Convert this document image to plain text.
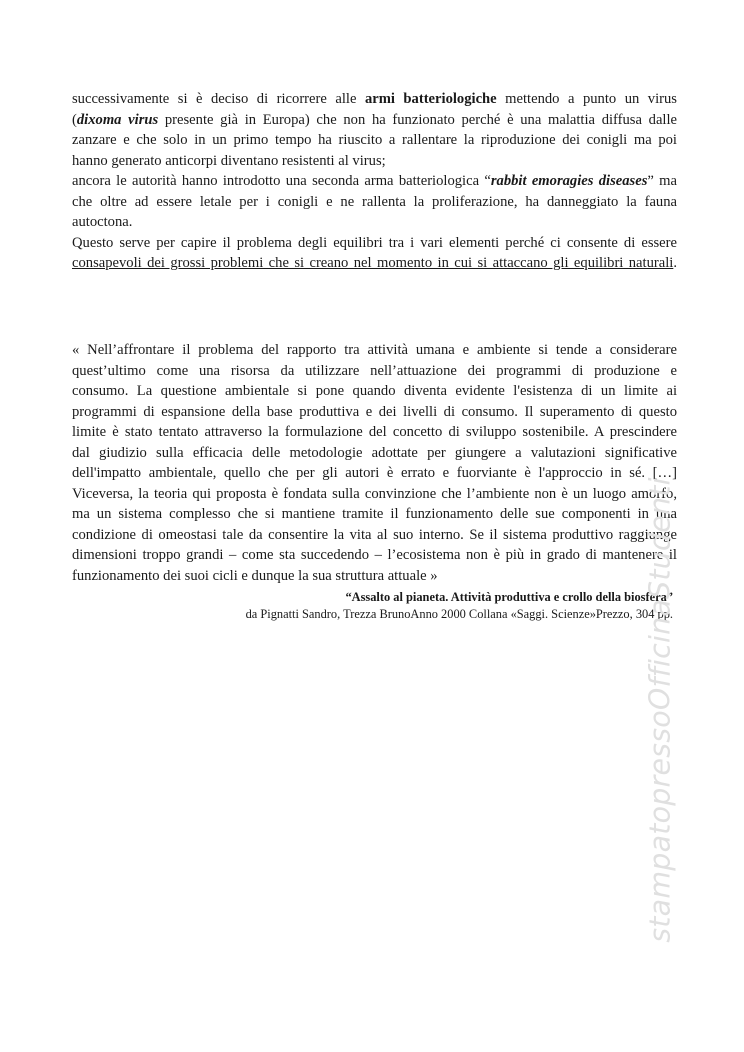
successivamente si è deciso di ricorrere alle armi batteriologiche mettendo a punto un virus
(dixoma virus presente già in Europa) che non ha funzionato perché è una malattia diffusa dalle
zanzare e che solo in un primo tempo ha riuscito a rallentare la riproduzione dei conigli ma poi
hanno generato anticorpi diventano resistenti al virus;
ancora le autorità hanno introdotto una seconda arma batteriologica “rabbit emoragies diseases” ma
che oltre ad essere letale per i conigli e ne rallenta la proliferazione, ha danneggiato la fauna
autoctona.
Questo serve per capire il problema degli equilibri tra i vari elementi perché ci consente di essere
consapevoli dei grossi problemi che si creano nel momento in cui si attaccano gli equilibri naturali.
« Nell’affrontare il problema del rapporto tra attività umana e ambiente si tende a considerare
quest’ultimo come una risorsa da utilizzare nell’attuazione dei programmi di produzione e
consumo. La questione ambientale si pone quando diventa evidente l'esistenza di un limite ai
programmi di espansione della base produttiva e dei livelli di consumo. Il superamento di questo
limite è stato tentato attraverso la formulazione del concetto di sviluppo sostenibile. A prescindere
dal giudizio sulla efficacia delle metodologie adottate per giungere a valutazioni significative
dell'impatto ambientale, quello che per gli autori è errato e fuorviante è l'approccio in sé. […]
Viceversa, la teoria qui proposta è fondata sulla convinzione che l’ambiente non è un luogo amorfo,
ma un sistema complesso che si mantiene tramite il funzionamento delle sue componenti in una
condizione di omeostasi tale da consentire la vita al suo interno. Se il sistema produttivo raggiunge
dimensioni troppo grandi – come sta succedendo – l’ecosistema non è più in grado di mantenere il
funzionamento dei suoi cicli e dunque la sua struttura attuale »
“Assalto al pianeta. Attività produttiva e crollo della biosfera”
da Pignatti Sandro, Trezza BrunoAnno 2000 Collana «Saggi. Scienze»Prezzo, 304 pp.
stampatopressoOfficinaStudenti
